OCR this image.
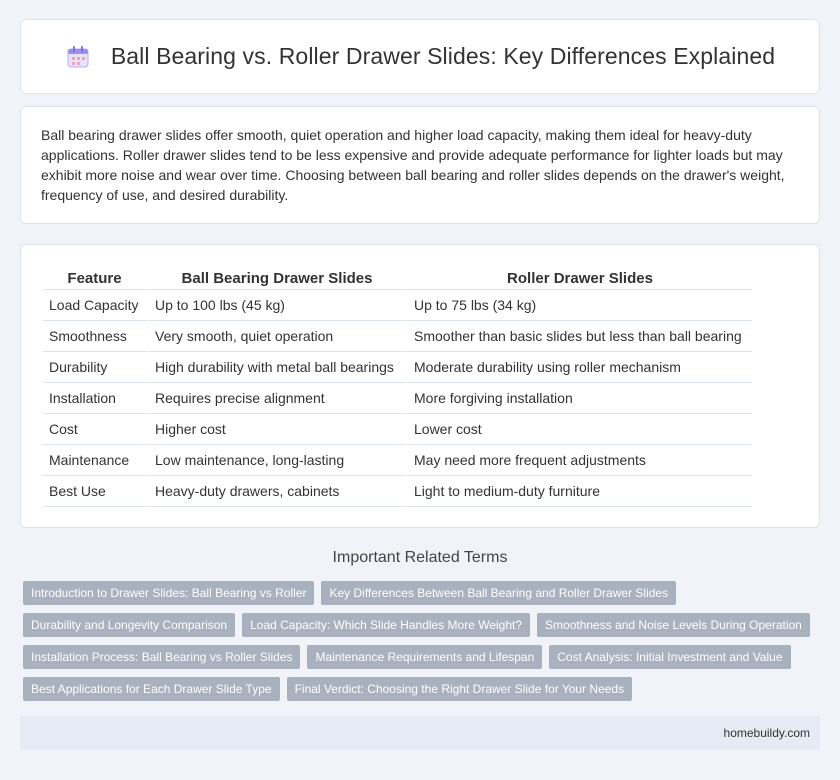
Ball Bearing vs. Roller Drawer Slides: Key Differences Explained

Ball bearing drawer slides offer smooth, quiet operation and higher load capacity, making them ideal for heavy-duty applications. Roller drawer slides tend to be less expensive and provide adequate performance for lighter loads but may exhibit more noise and wear over time. Choosing between ball bearing and roller slides depends on the drawer's weight, frequency of use, and desired durability.

Feature	Ball Bearing Drawer Slides	Roller Drawer Slides
Load Capacity	Up to 100 lbs (45 kg)	Up to 75 lbs (34 kg)
Smoothness	Very smooth, quiet operation	Smoother than basic slides but less than ball bearing
Durability	High durability with metal ball bearings	Moderate durability using roller mechanism
Installation	Requires precise alignment	More forgiving installation
Cost	Higher cost	Lower cost
Maintenance	Low maintenance, long-lasting	May need more frequent adjustments
Best Use	Heavy-duty drawers, cabinets	Light to medium-duty furniture
Important Related Terms
Introduction to Drawer Slides: Ball Bearing vs Roller	Key Differences Between Ball Bearing and Roller Drawer Slides
Durability and Longevity Comparison	Load Capacity: Which Slide Handles More Weight?	Smoothness and Noise Levels During Operation
Installation Process: Ball Bearing vs Roller Slides	Maintenance Requirements and Lifespan	Cost Analysis: Initial Investment and Value
Best Applications for Each Drawer Slide Type	Final Verdict: Choosing the Right Drawer Slide for Your Needs
homebuildy.com
